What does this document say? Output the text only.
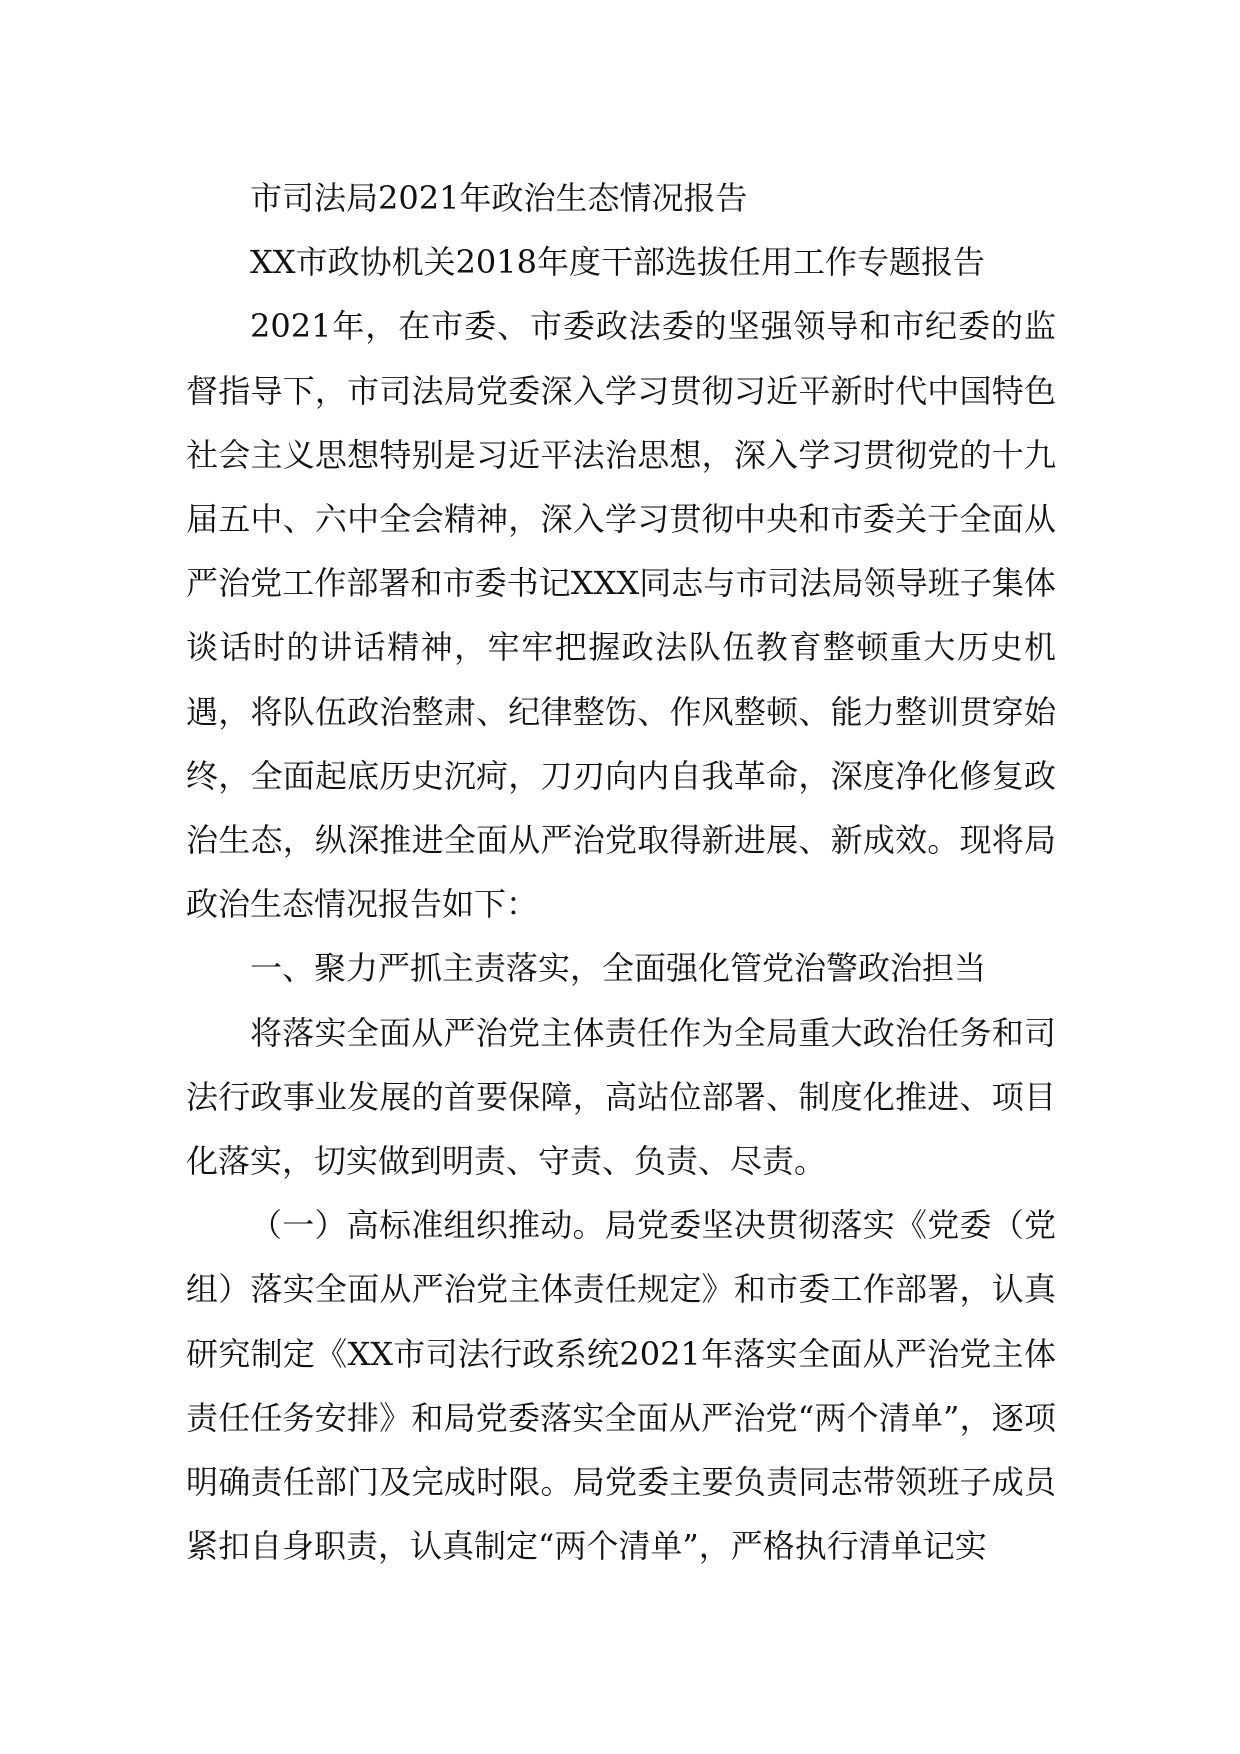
市司法局2021年政治生态情况报告

XX市政协机关2018年度干部选拔任用工作专题报告

2021年，在市委、市委政法委的坚强领导和市纪委的监督指导下，市司法局党委深入学习贯彻习近平新时代中国特色社会主义思想特别是习近平法治思想，深入学习贯彻党的十九届五中、六中全会精神，深入学习贯彻中央和市委关于全面从严治党工作部署和市委书记XXX同志与市司法局领导班子集体谈话时的讲话精神，牢牢把握政法队伍教育整顿重大历史机遇，将队伍政治整肃、纪律整饬、作风整顿、能力整训贯穿始终，全面起底历史沉疴，刀刃向内自我革命，深度净化修复政治生态，纵深推进全面从严治党取得新进展、新成效。现将局政治生态情况报告如下：

一、聚力严抓主责落实，全面强化管党治警政治担当

将落实全面从严治党主体责任作为全局重大政治任务和司法行政事业发展的首要保障，高站位部署、制度化推进、项目化落实，切实做到明责、守责、负责、尽责。

（一）高标准组织推动。局党委坚决贯彻落实《党委（党组）落实全面从严治党主体责任规定》和市委工作部署，认真研究制定《XX市司法行政系统2021年落实全面从严治党主体责任任务安排》和局党委落实全面从严治党“两个清单”，逐项明确责任部门及完成时限。局党委主要负责同志带领班子成员紧扣自身职责，认真制定“两个清单”，严格执行清单记实
